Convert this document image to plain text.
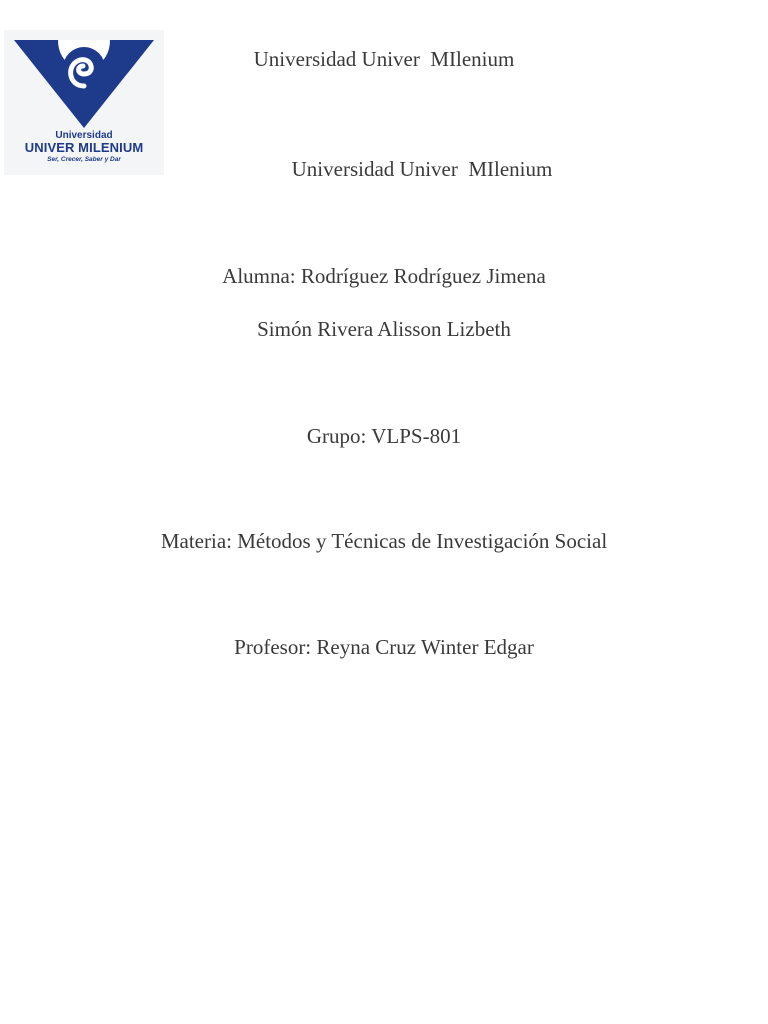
Universidad
UNIVER MILENIUM
Ser, Crecer, Saber y Dar
Universidad Univer  MIlenium
Universidad Univer  MIlenium
Alumna: Rodríguez Rodríguez Jimena
Simón Rivera Alisson Lizbeth
Grupo: VLPS-801
Materia: Métodos y Técnicas de Investigación Social
Profesor: Reyna Cruz Winter Edgar
